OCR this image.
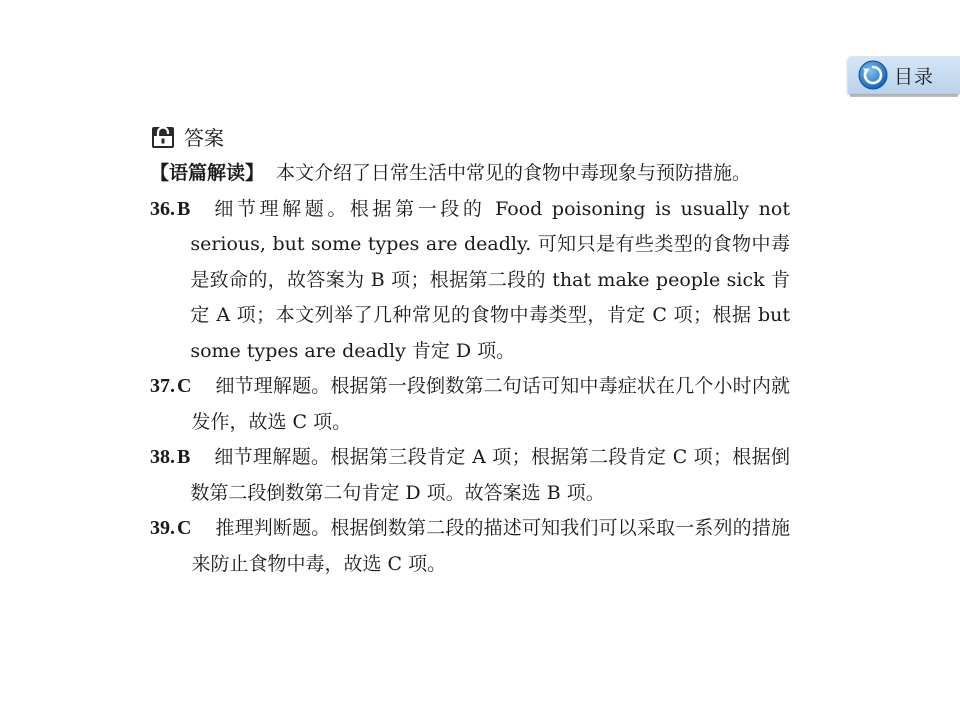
目录
答案

【语篇解读】 本文介绍了日常生活中常见的食物中毒现象与预防措施。

36. B	细节理解题。根据第一段的 Food poisoning is usually not serious, but some types are deadly. 可知只是有些类型的食物中毒是致命的，故答案为 B 项；根据第二段的 that make people sick 肯定 A 项；本文列举了几种常见的食物中毒类型，肯定 C 项；根据 but some types are deadly 肯定 D 项。
37. C	细节理解题。根据第一段倒数第二句话可知中毒症状在几个小时内就发作，故选 C 项。
38. B	细节理解题。根据第三段肯定 A 项；根据第二段肯定 C 项；根据倒数第二段倒数第二句肯定 D 项。故答案选 B 项。
39. C	推理判断题。根据倒数第二段的描述可知我们可以采取一系列的措施来防止食物中毒，故选 C 项。
